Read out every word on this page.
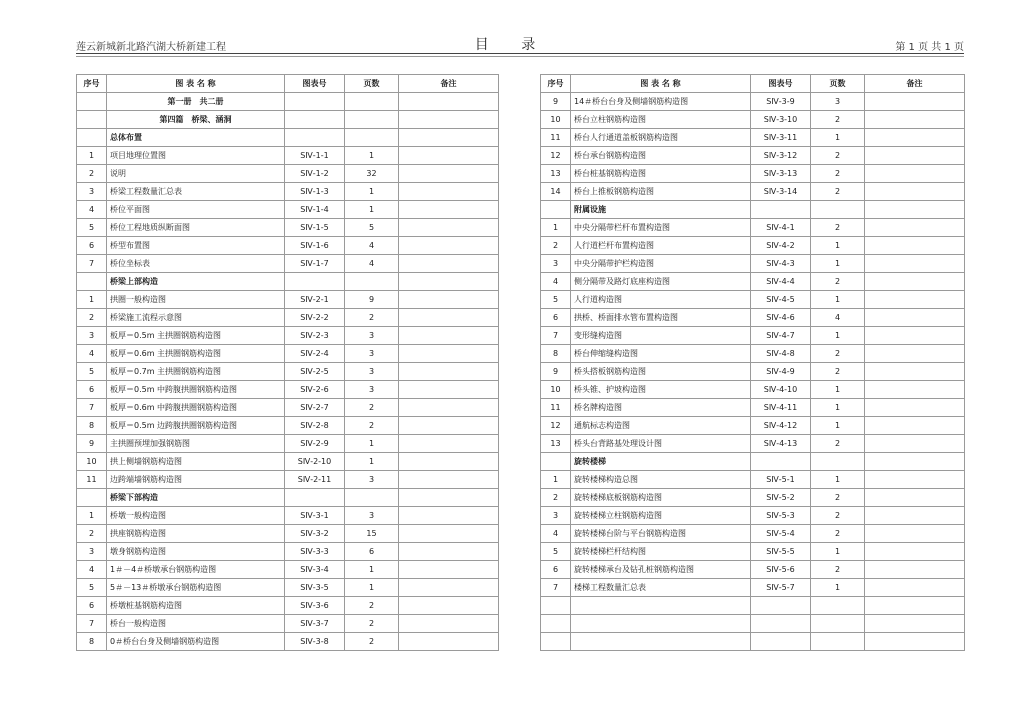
莲云新城新北路汽湖大桥新建工程	目 录	第 1 页 共 1 页
序号	图 表 名 称	图表号	页数	备注
	第一册　共二册			
	第四篇　桥梁、涵洞			
	总体布置			
1	项目地理位置图	SⅣ-1-1	1	
2	说明	SⅣ-1-2	32	
3	桥梁工程数量汇总表	SⅣ-1-3	1	
4	桥位平面图	SⅣ-1-4	1	
5	桥位工程地质纵断面图	SⅣ-1-5	5	
6	桥型布置图	SⅣ-1-6	4	
7	桥位坐标表	SⅣ-1-7	4	
	桥梁上部构造			
1	拱圈一般构造图	SⅣ-2-1	9	
2	桥梁施工流程示意图	SⅣ-2-2	2	
3	板厚＝0.5m 主拱圈钢筋构造图	SⅣ-2-3	3	
4	板厚＝0.6m 主拱圈钢筋构造图	SⅣ-2-4	3	
5	板厚＝0.7m 主拱圈钢筋构造图	SⅣ-2-5	3	
6	板厚＝0.5m 中跨腹拱圈钢筋构造图	SⅣ-2-6	3	
7	板厚＝0.6m 中跨腹拱圈钢筋构造图	SⅣ-2-7	2	
8	板厚＝0.5m 边跨腹拱圈钢筋构造图	SⅣ-2-8	2	
9	主拱圈预埋加强钢筋图	SⅣ-2-9	1	
10	拱上侧墙钢筋构造图	SⅣ-2-10	1	
11	边跨端墙钢筋构造图	SⅣ-2-11	3	
	桥梁下部构造			
1	桥墩一般构造图	SⅣ-3-1	3	
2	拱座钢筋构造图	SⅣ-3-2	15	
3	墩身钢筋构造图	SⅣ-3-3	6	
4	1＃－4＃桥墩承台钢筋构造图	SⅣ-3-4	1	
5	5＃－13＃桥墩承台钢筋构造图	SⅣ-3-5	1	
6	桥墩桩基钢筋构造图	SⅣ-3-6	2	
7	桥台一般构造图	SⅣ-3-7	2	
8	0＃桥台台身及侧墙钢筋构造图	SⅣ-3-8	2	
序号	图 表 名 称	图表号	页数	备注
9	14＃桥台台身及侧墙钢筋构造图	SⅣ-3-9	3	
10	桥台立柱钢筋构造图	SⅣ-3-10	2	
11	桥台人行通道盖板钢筋构造图	SⅣ-3-11	1	
12	桥台承台钢筋构造图	SⅣ-3-12	2	
13	桥台桩基钢筋构造图	SⅣ-3-13	2	
14	桥台上推板钢筋构造图	SⅣ-3-14	2	
	附属设施			
1	中央分隔带栏杆布置构造图	SⅣ-4-1	2	
2	人行道栏杆布置构造图	SⅣ-4-2	1	
3	中央分隔带护栏构造图	SⅣ-4-3	1	
4	侧分隔带及路灯底座构造图	SⅣ-4-4	2	
5	人行道构造图	SⅣ-4-5	1	
6	拱桥、桥面排水管布置构造图	SⅣ-4-6	4	
7	变形缝构造图	SⅣ-4-7	1	
8	桥台伸缩缝构造图	SⅣ-4-8	2	
9	桥头搭板钢筋构造图	SⅣ-4-9	2	
10	桥头锥、护坡构造图	SⅣ-4-10	1	
11	桥名牌构造图	SⅣ-4-11	1	
12	通航标志构造图	SⅣ-4-12	1	
13	桥头台背路基处理设计图	SⅣ-4-13	2	
	旋转楼梯			
1	旋转楼梯构造总图	SⅣ-5-1	1	
2	旋转楼梯底板钢筋构造图	SⅣ-5-2	2	
3	旋转楼梯立柱钢筋构造图	SⅣ-5-3	2	
4	旋转楼梯台阶与平台钢筋构造图	SⅣ-5-4	2	
5	旋转楼梯栏杆结构图	SⅣ-5-5	1	
6	旋转楼梯承台及钻孔桩钢筋构造图	SⅣ-5-6	2	
7	楼梯工程数量汇总表	SⅣ-5-7	1	
